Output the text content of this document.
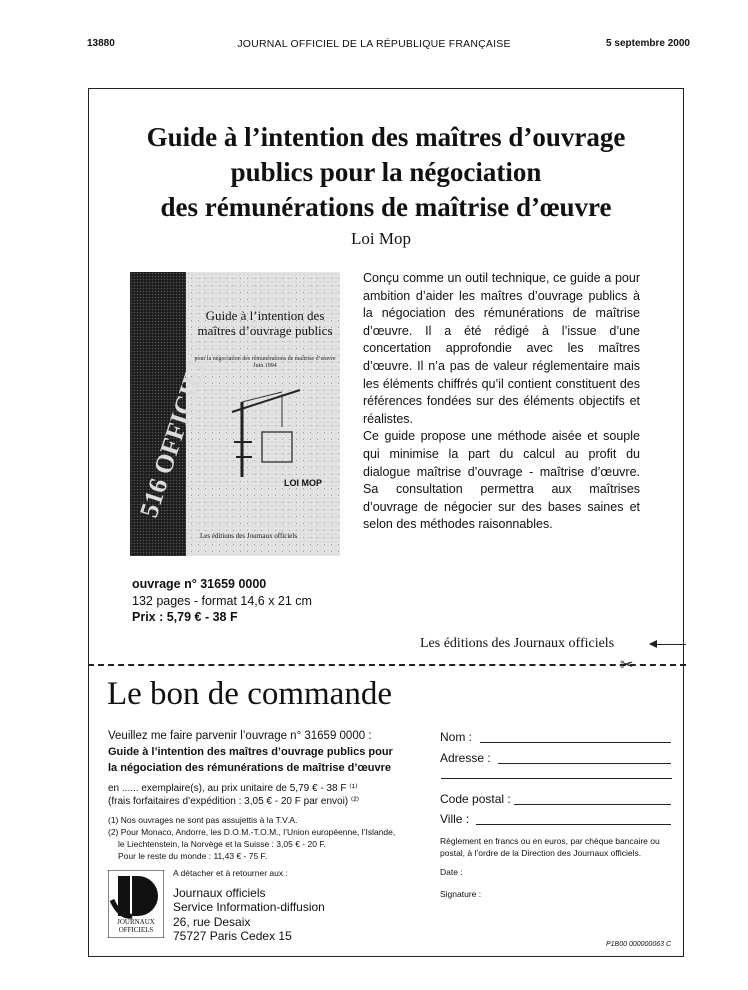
13880	JOURNAL OFFICIEL DE LA RÉPUBLIQUE FRANÇAISE	5 septembre 2000
Guide à l’intention des maîtres d’ouvrage
publics pour la négociation
des rémunérations de maîtrise d’œuvre
Loi Mop
516 OFFICIEL
Guide à l’intention des maîtres d’ouvrage publics
pour la négociation des rémunérations de maîtrise d’œuvre Juin 1994
LOI MOP
Les éditions des Journaux officiels

Conçu comme un outil technique, ce guide a pour ambition d’aider les maîtres d’ouvrage publics à la négociation des rémunérations de maîtrise d’œuvre. Il a été rédigé à l’issue d’une concertation approfondie avec les maîtres d’œuvre. Il n’a pas de valeur réglementaire mais les éléments chiffrés qu’il contient constituent des références fondées sur des éléments objectifs et réalistes.

Ce guide propose une méthode aisée et souple qui minimise la part du calcul au profit du dialogue maîtrise d’ouvrage - maîtrise d’œuvre. Sa consultation permettra aux maîtrises d’ouvrage de négocier sur des bases saines et selon des méthodes raisonnables.

ouvrage n° 31659 0000
132 pages - format 14,6 x 21 cm
Prix : 5,79 € - 38 F
Les éditions des Journaux officiels
✂
Le bon de commande
Veuillez me faire parvenir l’ouvrage n° 31659 0000 :
Guide à l’intention des maîtres d’ouvrage publics pour
la négociation des rémunérations de maîtrise d’œuvre
en ...... exemplaire(s), au prix unitaire de 5,79 € - 38 F ⁽¹⁾
(frais forfaitaires d’expédition : 3,05 € - 20 F par envoi) ⁽²⁾
(1) Nos ouvrages ne sont pas assujettis à la T.V.A.
(2) Pour Monaco, Andorre, les D.O.M.-T.O.M., l’Union européenne, l’Islande,
le Liechtenstein, la Norvège et la Suisse : 3,05 € - 20 F.
Pour le reste du monde : 11,43 € - 75 F.
Nom :
Adresse :
Code postal :
Ville :
Règlement en francs ou en euros, par chèque bancaire ou postal, à l’ordre de la Direction des Journaux officiels.
Date :
Signature :
JOURNAUX OFFICIELS
A détacher et à retourner aux :
Journaux officiels
Service Information-diffusion
26, rue Desaix
75727 Paris Cedex 15
P1B00 000000063 C
